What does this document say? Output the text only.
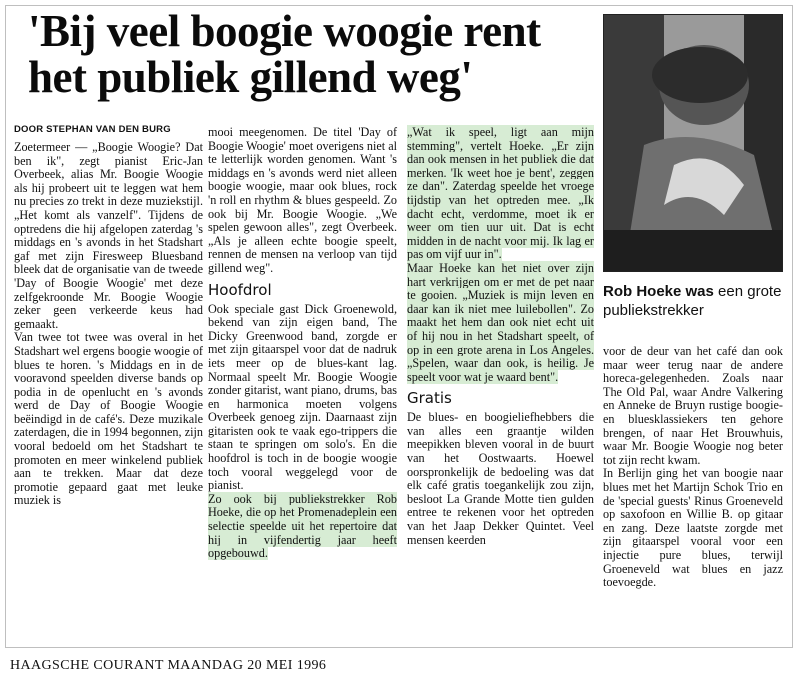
'Bij veel boogie woogie rent
het publiek gillend weg'

DOOR STEPHAN VAN DEN BURG

Zoetermeer — „Boogie Woogie? Dat ben ik", zegt pianist Eric-Jan Overbeek, alias Mr. Boogie Woogie als hij probeert uit te leggen wat hem nu precies zo trekt in deze muziekstijl. „Het komt als vanzelf". Tijdens de optredens die hij afgelopen zaterdag 's middags en 's avonds in het Stadshart gaf met zijn Firesweep Bluesband bleek dat de organisatie van de tweede 'Day of Boogie Woogie' met deze zelfgekroonde Mr. Boogie Woogie zeker geen verkeerde keus had gemaakt.

Van twee tot twee was overal in het Stadshart wel ergens boogie woogie of blues te horen. 's Middags en in de vooravond speelden diverse bands op podia in de openlucht en 's avonds werd de Day of Boogie Woogie beëindigd in de café's. Deze muzikale zaterdagen, die in 1994 begonnen, zijn vooral bedoeld om het Stadshart te promoten en meer winkelend publiek aan te trekken. Maar dat deze promotie gepaard gaat met leuke muziek is

mooi meegenomen. De titel 'Day of Boogie Woogie' moet overigens niet al te letterlijk worden genomen. Want 's middags en 's avonds werd niet alleen boogie woogie, maar ook blues, rock 'n roll en rhythm & blues gespeeld. Zo ook bij Mr. Boogie Woogie. „We spelen gewoon alles", zegt Overbeek. „Als je alleen echte boogie speelt, rennen de mensen na verloop van tijd gillend weg".

Hoofdrol

Ook speciale gast Dick Groenewold, bekend van zijn eigen band, The Dicky Greenwood band, zorgde er met zijn gitaarspel voor dat de nadruk iets meer op de blues-kant lag. Normaal speelt Mr. Boogie Woogie zonder gitarist, want piano, drums, bas en harmonica moeten volgens Overbeek genoeg zijn. Daarnaast zijn gitaristen ook te vaak ego-trippers die staan te springen om solo's. En die hoofdrol is toch in de boogie woogie toch vooral weggelegd voor de pianist.

Zo ook bij publiekstrekker Rob Hoeke, die op het Promenadeplein een selectie speelde uit het repertoire dat hij in vijfendertig jaar heeft opgebouwd.

„Wat ik speel, ligt aan mijn stemming", vertelt Hoeke. „Er zijn dan ook mensen in het publiek die dat merken. 'Ik weet hoe je bent', zeggen ze dan". Zaterdag speelde het vroege tijdstip van het optreden mee. „Ik dacht echt, verdomme, moet ik er weer om tien uur uit. Dat is echt midden in de nacht voor mij. Ik lag er pas om vijf uur in".

Maar Hoeke kan het niet over zijn hart verkrijgen om er met de pet naar te gooien. „Muziek is mijn leven en daar kan ik niet mee luilebollen". Zo maakt het hem dan ook niet echt uit of hij nou in het Stadshart speelt, of op in een grote arena in Los Angeles. „Spelen, waar dan ook, is heilig. Je speelt voor wat je waard bent".

Gratis

De blues- en boogieliefhebbers die van alles een graantje wilden meepikken bleven vooral in de buurt van het Oostwaarts. Hoewel oorspronkelijk de bedoeling was dat elk café gratis toegankelijk zou zijn, besloot La Grande Motte tien gulden entree te rekenen voor het optreden van het Jaap Dekker Quintet. Veel mensen keerden

Rob Hoeke was een grote publiekstrekker

voor de deur van het café dan ook maar weer terug naar de andere horeca-gelegenheden. Zoals naar The Old Pal, waar Andre Valkering en Anneke de Bruyn rustige boogie- en bluesklassiekers ten gehore brengen, of naar Het Brouwhuis, waar Mr. Boogie Woogie nog beter tot zijn recht kwam.

In Berlijn ging het van boogie naar blues met het Martijn Schok Trio en de 'special guests' Rinus Groeneveld op saxofoon en Willie B. op gitaar en zang. Deze laatste zorgde met zijn gitaarspel vooral voor een injectie pure blues, terwijl Groeneveld wat blues en jazz toevoegde.

HAAGSCHE COURANT MAANDAG 20 MEI 1996
